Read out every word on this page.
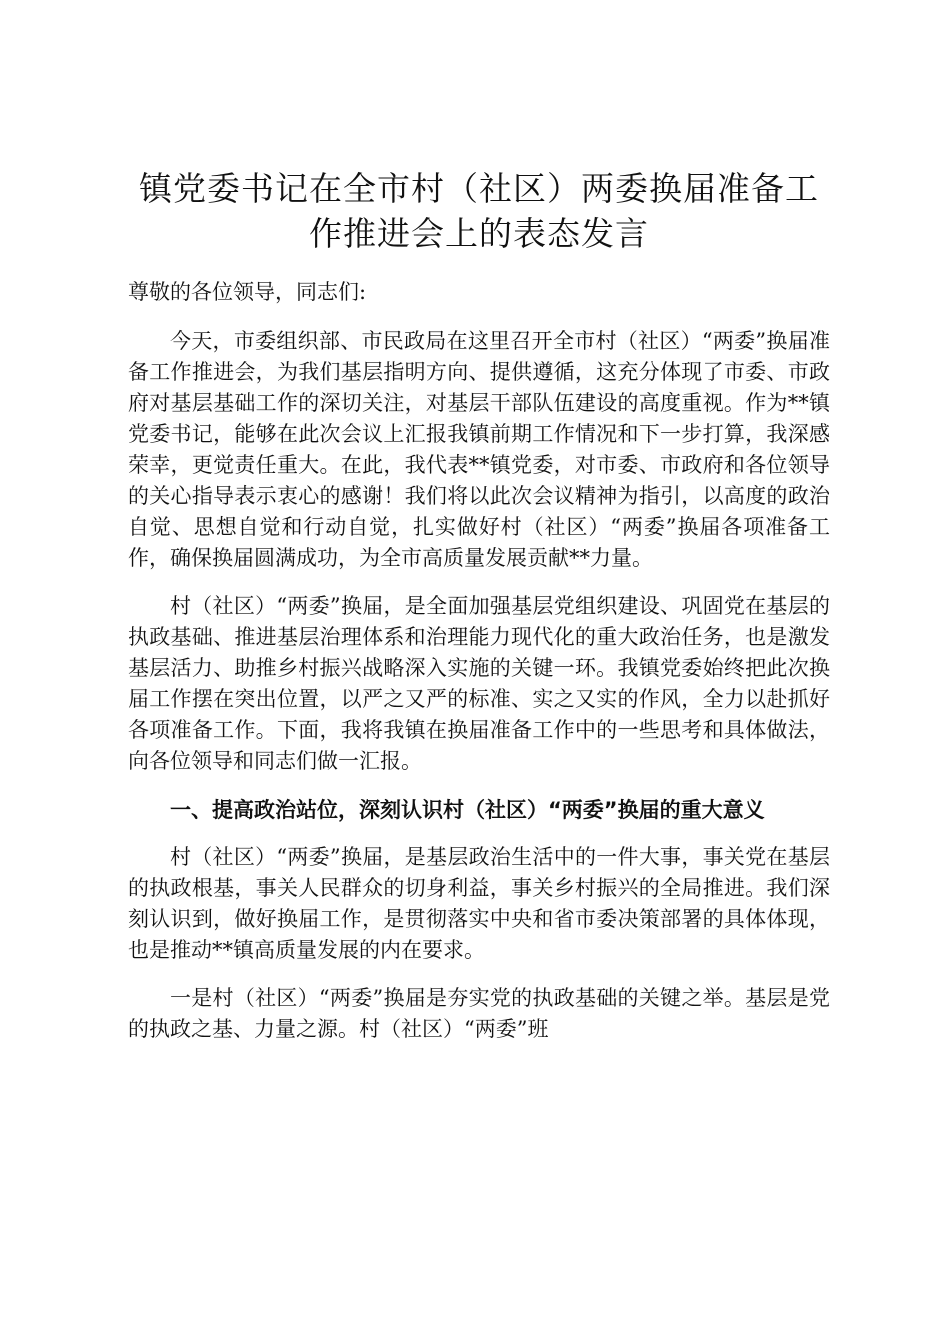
镇党委书记在全市村（社区）两委换届准备工作推进会上的表态发言

尊敬的各位领导，同志们:

今天，市委组织部、市民政局在这里召开全市村（社区）“两委”换届准备工作推进会，为我们基层指明方向、提供遵循，这充分体现了市委、市政府对基层基础工作的深切关注，对基层干部队伍建设的高度重视。作为**镇党委书记，能够在此次会议上汇报我镇前期工作情况和下一步打算，我深感荣幸，更觉责任重大。在此，我代表**镇党委，对市委、市政府和各位领导的关心指导表示衷心的感谢！我们将以此次会议精神为指引，以高度的政治自觉、思想自觉和行动自觉，扎实做好村（社区）“两委”换届各项准备工作，确保换届圆满成功，为全市高质量发展贡献**力量。

村（社区）“两委”换届，是全面加强基层党组织建设、巩固党在基层的执政基础、推进基层治理体系和治理能力现代化的重大政治任务，也是激发基层活力、助推乡村振兴战略深入实施的关键一环。我镇党委始终把此次换届工作摆在突出位置，以严之又严的标准、实之又实的作风，全力以赴抓好各项准备工作。下面，我将我镇在换届准备工作中的一些思考和具体做法，向各位领导和同志们做一汇报。

一、提高政治站位，深刻认识村（社区）“两委”换届的重大意义

村（社区）“两委”换届，是基层政治生活中的一件大事，事关党在基层的执政根基，事关人民群众的切身利益，事关乡村振兴的全局推进。我们深刻认识到，做好换届工作，是贯彻落实中央和省市委决策部署的具体体现，也是推动**镇高质量发展的内在要求。

一是村（社区）“两委”换届是夯实党的执政基础的关键之举。基层是党的执政之基、力量之源。村（社区）“两委”班
